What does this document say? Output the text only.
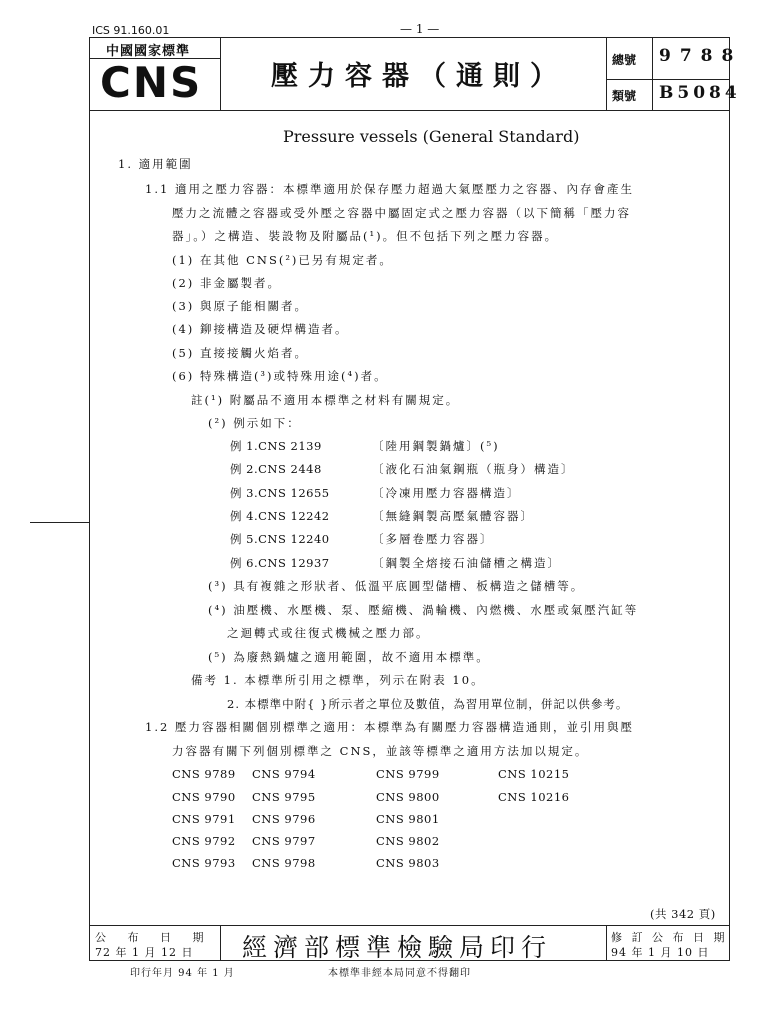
ICS 91.160.01	— 1 —
中國國家標準
CNS	壓力容器（通則）
總號 9788
類號 B5084
Pressure vessels (General Standard)
1. 適用範圍
1.1 適用之壓力容器：本標準適用於保存壓力超過大氣壓壓力之容器、內存會產生
壓力之流體之容器或受外壓之容器中屬固定式之壓力容器（以下簡稱「壓力容
器」。）之構造、裝設物及附屬品(¹)。但不包括下列之壓力容器。
(1) 在其他 CNS(²)已另有規定者。
(2) 非金屬製者。
(3) 與原子能相關者。
(4) 鉚接構造及硬焊構造者。
(5) 直接接觸火焰者。
(6) 特殊構造(³)或特殊用途(⁴)者。
註(¹) 附屬品不適用本標準之材料有關規定。
(²) 例示如下：
例 1.CNS 2139	〔陸用鋼製鍋爐〕(⁵)
例 2.CNS 2448	〔液化石油氣鋼瓶（瓶身）構造〕
例 3.CNS 12655	〔冷凍用壓力容器構造〕
例 4.CNS 12242	〔無縫鋼製高壓氣體容器〕
例 5.CNS 12240	〔多層卷壓力容器〕
例 6.CNS 12937	〔鋼製全熔接石油儲槽之構造〕
(³) 具有複雜之形狀者、低溫平底圓型儲槽、板構造之儲槽等。
(⁴) 油壓機、水壓機、泵、壓縮機、渦輪機、內燃機、水壓或氣壓汽缸等
之迴轉式或往復式機械之壓力部。
(⁵) 為廢熱鍋爐之適用範圍，故不適用本標準。
備考 1. 本標準所引用之標準，列示在附表 10。
2. 本標準中附{ }所示者之單位及數值，為習用單位制，併記以供參考。
1.2 壓力容器相關個別標準之適用：本標準為有關壓力容器構造通則，並引用與壓
力容器有關下列個別標準之 CNS，並該等標準之適用方法加以規定。
CNS 9789 CNS 9794	CNS 9799	CNS 10215
CNS 9790 CNS 9795	CNS 9800	CNS 10216
CNS 9791 CNS 9796	CNS 9801
CNS 9792 CNS 9797	CNS 9802
CNS 9793 CNS 9798	CNS 9803
(共 342 頁)
公 布 日 期
72 年 1 月 12 日 經濟部標準檢驗局印行	修 訂 公 布 日 期
94 年 1 月 10 日
印行年月 94 年 1 月	本標準非經本局同意不得翻印
